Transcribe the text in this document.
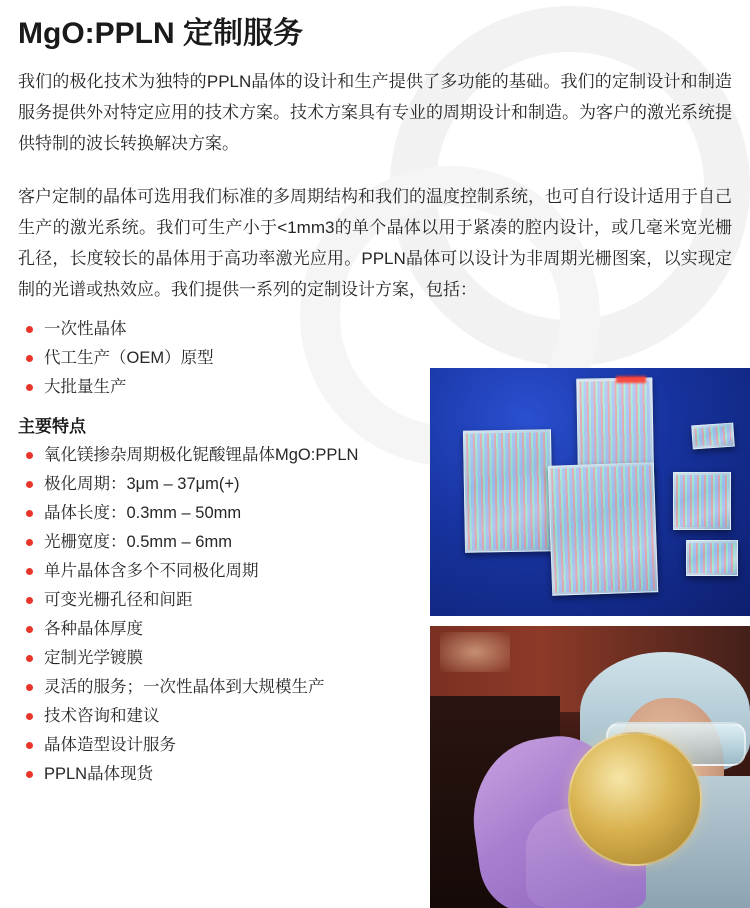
MgO:PPLN 定制服务

我们的极化技术为独特的PPLN晶体的设计和生产提供了多功能的基础。我们的定制设计和制造服务提供外对特定应用的技术方案。技术方案具有专业的周期设计和制造。为客户的激光系统提供特制的波长转换解决方案。

客户定制的晶体可选用我们标准的多周期结构和我们的温度控制系统，也可自行设计适用于自己生产的激光系统。我们可生产小于<1mm3的单个晶体以用于紧凑的腔内设计，或几毫米宽光栅孔径，长度较长的晶体用于高功率激光应用。PPLN晶体可以设计为非周期光栅图案，以实现定制的光谱或热效应。我们提供一系列的定制设计方案，包括：

一次性晶体
代工生产（OEM）原型
大批量生产
主要特点
氧化镁掺杂周期极化铌酸锂晶体MgO:PPLN
极化周期：3μm – 37μm(+)
晶体长度：0.3mm – 50mm
光栅宽度：0.5mm – 6mm
单片晶体含多个不同极化周期
可变光栅孔径和间距
各种晶体厚度
定制光学镀膜
灵活的服务；一次性晶体到大规模生产
技术咨询和建议
晶体造型设计服务
PPLN晶体现货
